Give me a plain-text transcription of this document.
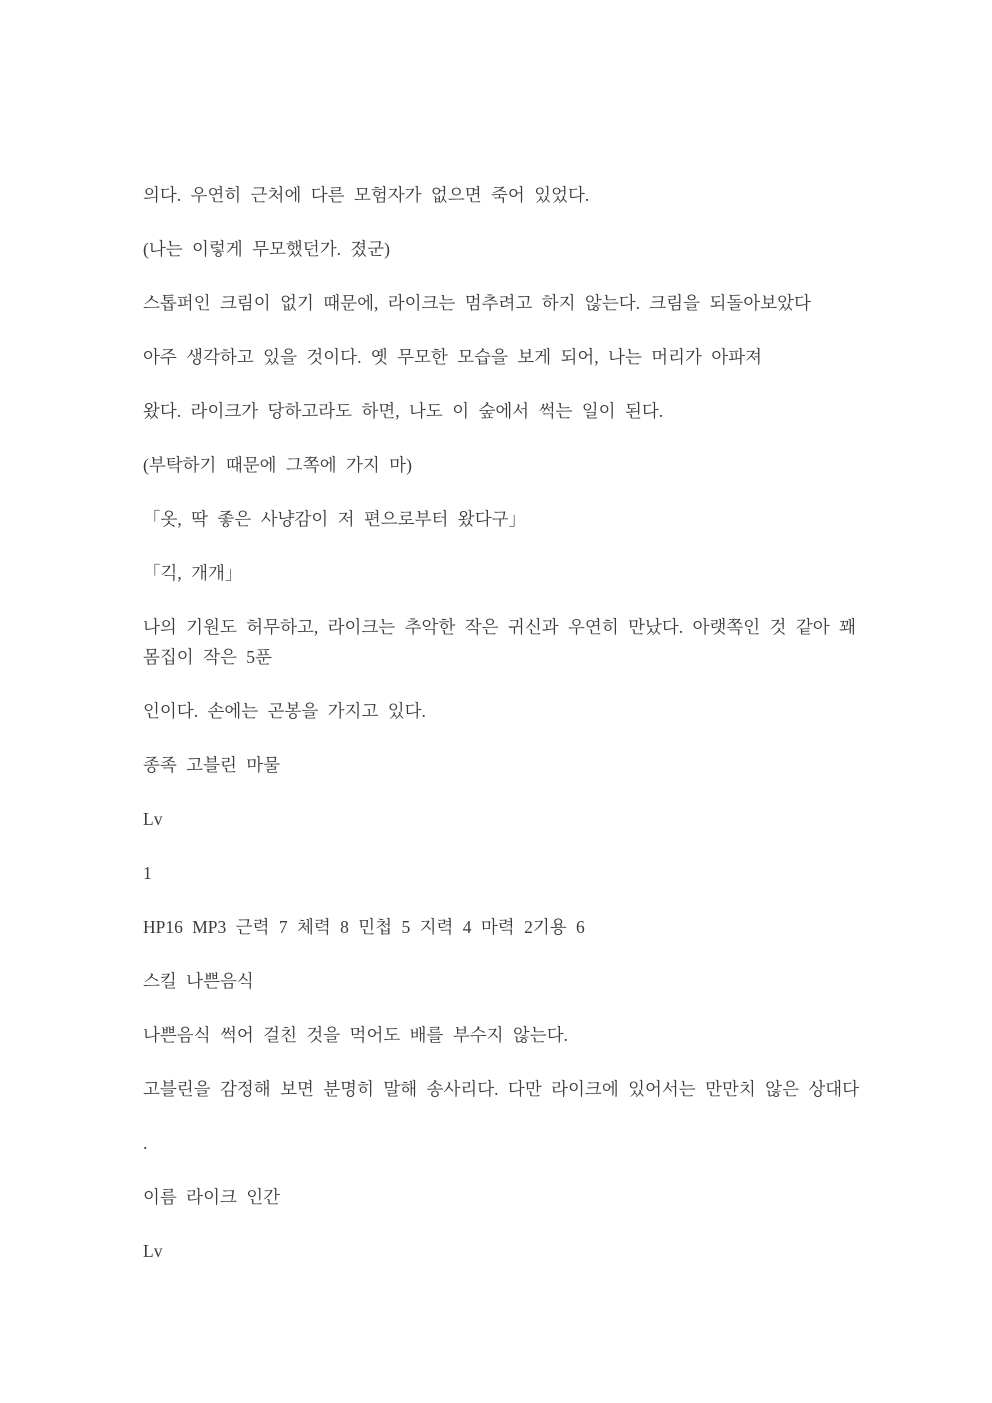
의다. 우연히 근처에 다른 모험자가 없으면 죽어 있었다.

(나는 이렇게 무모했던가. 졌군)

스톱퍼인 크림이 없기 때문에, 라이크는 멈추려고 하지 않는다. 크림을 되돌아보았다

아주 생각하고 있을 것이다. 옛 무모한 모습을 보게 되어, 나는 머리가 아파져

왔다. 라이크가 당하고라도 하면, 나도 이 숲에서 썩는 일이 된다.

(부탁하기 때문에 그쪽에 가지 마)

「옷, 딱 좋은 사냥감이 저 편으로부터 왔다구」

「긱, 개개」

나의 기원도 허무하고, 라이크는 추악한 작은 귀신과 우연히 만났다. 아랫쪽인 것 같아 꽤 몸집이 작은 5푼

인이다. 손에는 곤봉을 가지고 있다.

종족 고블린 마물

Lv

1

HP16 MP3 근력 7 체력 8 민첩 5 지력 4 마력 2기용 6

스킬 나쁜음식

나쁜음식 썩어 걸친 것을 먹어도 배를 부수지 않는다.

고블린을 감정해 보면 분명히 말해 송사리다. 다만 라이크에 있어서는 만만치 않은 상대다

.

이름 라이크 인간

Lv
